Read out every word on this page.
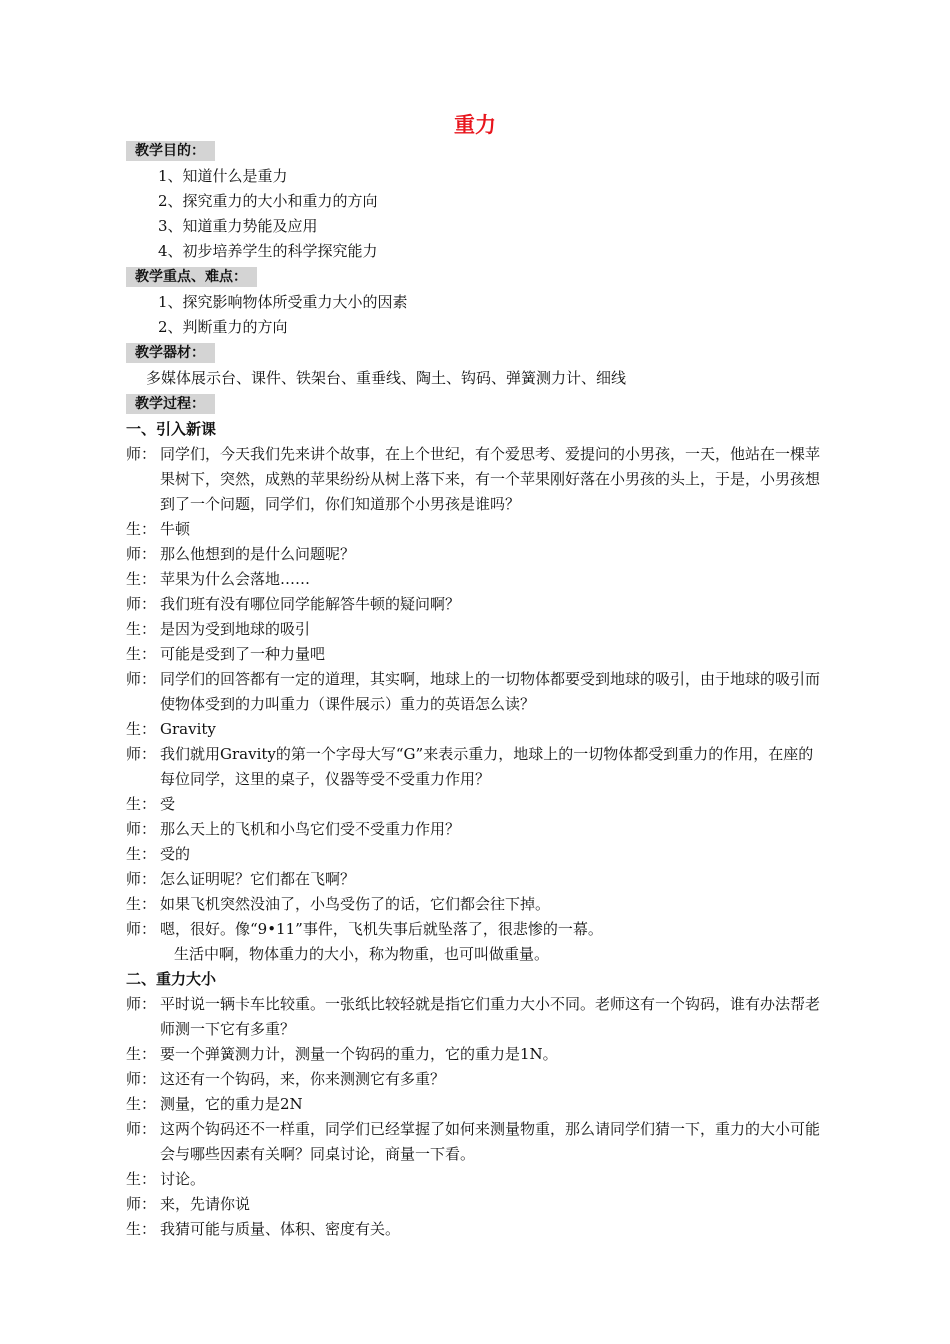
重力
教学目的：
1、知道什么是重力
2、探究重力的大小和重力的方向
3、知道重力势能及应用
4、初步培养学生的科学探究能力
教学重点、难点：
1、探究影响物体所受重力大小的因素
2、判断重力的方向
教学器材：
多媒体展示台、课件、铁架台、重垂线、陶土、钩码、弹簧测力计、细线
教学过程：
一、引入新课
师： 同学们，今天我们先来讲个故事，在上个世纪，有个爱思考、爱提问的小男孩，一天，他站在一棵苹果树下，突然，成熟的苹果纷纷从树上落下来，有一个苹果刚好落在小男孩的头上，于是，小男孩想到了一个问题，同学们，你们知道那个小男孩是谁吗？
生： 牛顿
师： 那么他想到的是什么问题呢？
生： 苹果为什么会落地……
师： 我们班有没有哪位同学能解答牛顿的疑问啊？
生： 是因为受到地球的吸引
生： 可能是受到了一种力量吧
师： 同学们的回答都有一定的道理，其实啊，地球上的一切物体都要受到地球的吸引，由于地球的吸引而使物体受到的力叫重力（课件展示）重力的英语怎么读？
生： Gravity
师： 我们就用Gravity的第一个字母大写“G”来表示重力，地球上的一切物体都受到重力的作用，在座的每位同学，这里的桌子，仪器等受不受重力作用？
生： 受
师： 那么天上的飞机和小鸟它们受不受重力作用？
生： 受的
师： 怎么证明呢？它们都在飞啊？
生： 如果飞机突然没油了，小鸟受伤了的话，它们都会往下掉。
师： 嗯，很好。像“9•11”事件，飞机失事后就坠落了，很悲惨的一幕。
生活中啊，物体重力的大小，称为物重，也可叫做重量。
二、重力大小
师： 平时说一辆卡车比较重。一张纸比较轻就是指它们重力大小不同。老师这有一个钩码，谁有办法帮老师测一下它有多重？
生： 要一个弹簧测力计，测量一个钩码的重力，它的重力是1N。
师： 这还有一个钩码，来，你来测测它有多重？
生： 测量，它的重力是2N
师： 这两个钩码还不一样重，同学们已经掌握了如何来测量物重，那么请同学们猜一下，重力的大小可能会与哪些因素有关啊？同桌讨论，商量一下看。
生： 讨论。
师： 来，先请你说
生： 我猜可能与质量、体积、密度有关。
